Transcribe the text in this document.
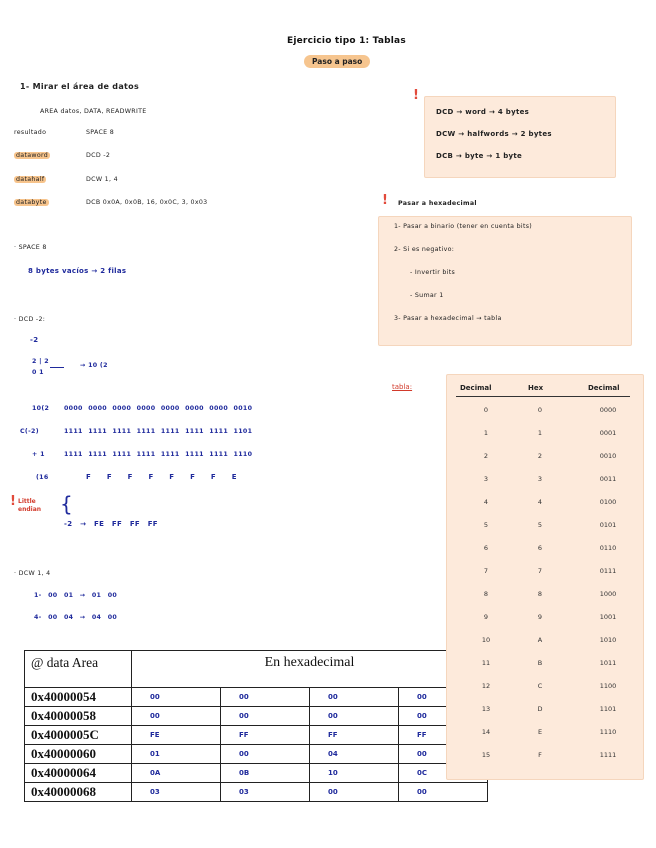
Ejercicio tipo 1: Tablas
Paso a paso
1- Mirar el área de datos
AREA datos, DATA, READWRITE
resultado	SPACE 8
dataword	DCD -2
datahalf	DCW 1, 4
databyte	DCB 0x0A, 0x0B, 16, 0x0C, 3, 0x03
· SPACE 8
8 bytes vacíos → 2 filas
· DCD -2:
-2
2 | 2
0 1
→ 10 (2
10(2 0000 0000 0000 0000 0000 0000 0000 0010
C(-2)	1111 1111 1111 1111 1111 1111 1111 1101
+ 1	1111 1111 1111 1111 1111 1111 1111 1110
(16	F F F F F F F E
! Little endian {
-2 → FE FF FF FF
· DCW 1, 4
1- 00 01 → 01 00
4- 00 04 → 04 00
@ data Area	En hexadecimal			
0x40000054	00	00	00	00
0x40000058	00	00	00	00
0x4000005C	FE	FF	FF	FF
0x40000060	01	00	04	00
0x40000064	0A	0B	10	0C
0x40000068	03	03	00	00
!
DCD → word → 4 bytes
DCW → halfwords → 2 bytes
DCB → byte → 1 byte
! Pasar a hexadecimal
1- Pasar a binario (tener en cuenta bits)
2- Si es negativo:
- Invertir bits
- Sumar 1
3- Pasar a hexadecimal → tabla
tabla:	Decimal	Hex	Decimal
0	0	0000
1	1	0001
2	2	0010
3	3	0011
4	4	0100
5	5	0101
6	6	0110
7	7	0111
8	8	1000
9	9	1001
10	A	1010
11	B	1011
12	C	1100
13	D	1101
14	E	1110
15	F	1111
